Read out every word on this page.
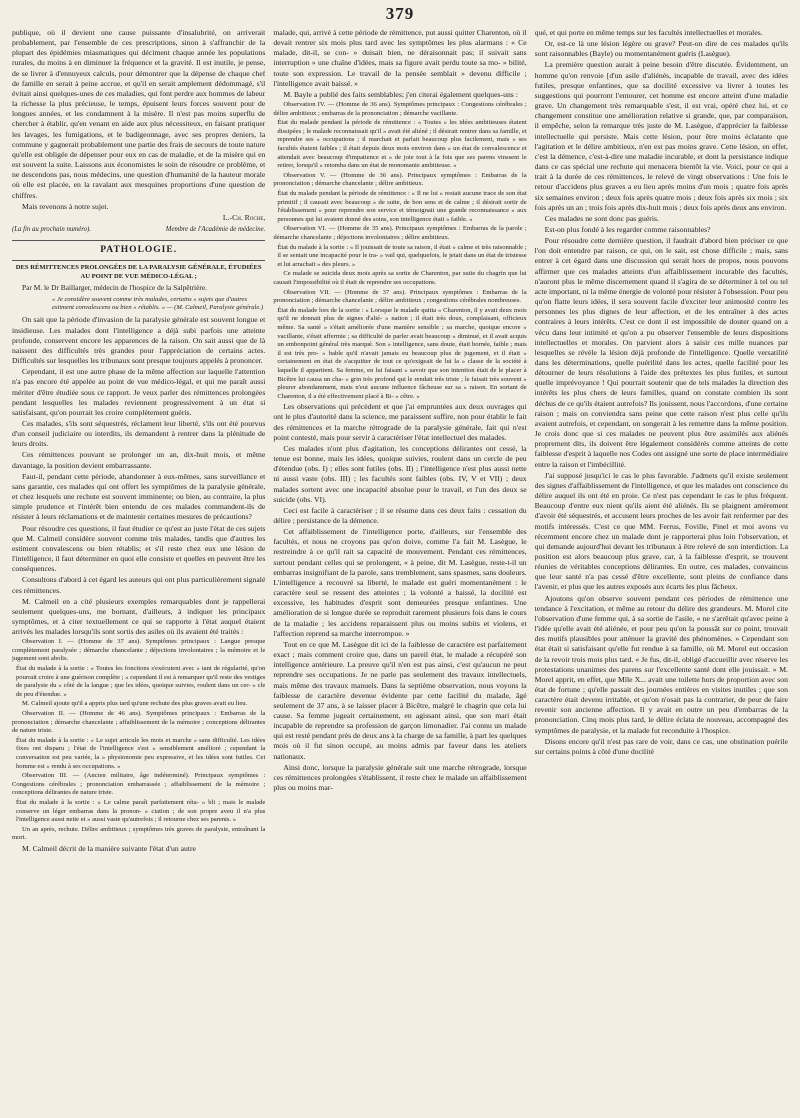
379

publique, où il devient une cause puissante d'insalubrité, on arriverait probablement, par l'ensemble de ces prescriptions, sinon à s'affranchir de la plupart des épidémies miasmatiques qui déciment chaque année les populations rurales, du moins à en diminuer la fréquence et la gravité. Il est inutile, je pense, de se livrer à d'ennuyeux calculs, pour démontrer que la dépense de chaque chef de famille en serait à peine accrue, et qu'il en serait amplement dédommagé, s'il évitait ainsi quelques-unes de ces maladies, qui font perdre aux hommes de labeur la richesse la plus précieuse, le temps, épuisent leurs forces souvent pour de longues années, et les condamnent à la misère. Il n'est pas moins superflu de chercher à établir, qu'en venant en aide aux plus nécessiteux, en faisant pratiquer les lavages, les fumigations, et le badigeonnage, avec ses propres deniers, la commune y gagnerait probablement une partie des frais de secours de toute nature qu'elle est obligée de dépenser pour eux en cas de maladie, et de la misère qui en est souvent la suite. Laissons aux économistes le soin de résoudre ce problème, et ne descendons pas, nous médecins, une question d'humanité de la hauteur morale où elle est placée, en la ravalant aux mesquines proportions d'une question de chiffres.

Mais revenons à notre sujet.

L.-Ch. Roche,

(La fin au prochain numéro).	Membre de l'Académie de médecine.
PATHOLOGIE.
DES RÉMITTENCES PROLONGÉES DE LA PARALYSIE GÉNÉRALE, ÉTUDIÉES AU POINT DE VUE MÉDICO-LÉGAL ;

Par M. le Dr Baillarger, médecin de l'hospice de la Salpêtrière.

« Je considère souvent comme très malades, certains » sujets que d'autres estiment convalescens ou bien » rétablis. » — (M. Calmeil, Paralysie générale.)

On sait que la période d'invasion de la paralysie générale est souvent longue et insidieuse. Les malades dont l'intelligence a déjà subi parfois une atteinte profonde, conservent encore les apparences de la raison. On sait aussi que de là naissent des difficultés très grandes pour l'appréciation de certains actes. Difficultés sur lesquelles les tribunaux sont presque toujours appelés à prononcer.

Cependant, il est une autre phase de la même affection sur laquelle l'attention n'a pas encore été appelée au point de vue médico-légal, et qui me paraît aussi mériter d'être étudiée sous ce rapport. Je veux parler des rémittences prolongées pendant lesquelles les malades reviennent progressivement à un état si satisfaisant, qu'on pourrait les croire complètement guéris.

Ces malades, s'ils sont séquestrés, réclament leur liberté, s'ils ont été pourvus d'un conseil judiciaire ou interdits, ils demandent à rentrer dans la plénitude de leurs droits.

Ces rémittences pouvant se prolonger un an, dix-huit mois, et même davantage, la position devient embarrassante.

Faut-il, pendant cette période, abandonner à eux-mêmes, sans surveillance et sans garantie, ces malades qui ont offert les symptômes de la paralysie générale, et chez lesquels une rechute est souvent imminente; ou bien, au contraire, la plus simple prudence et l'intérêt bien entendu de ces malades commandent-ils de résister à leurs réclamations et de maintenir certaines mesures de précautions?

Pour résoudre ces questions, il faut étudier ce qu'est au juste l'état de ces sujets que M. Calmeil considère souvent comme très malades, tandis que d'autres les estiment convalescens ou bien rétablis; et s'il reste chez eux une lésion de l'intelligence, il faut déterminer en quoi elle consiste et quelles en peuvent être les conséquences.

Consultons d'abord à cet égard les auteurs qui ont plus particulièrement signalé ces rémittences.

M. Calmeil en a cité plusieurs exemples remarquables dont je rappellerai seulement quelques-uns, me bornant, d'ailleurs, à indiquer les principaux symptômes, et à citer textuellement ce qui se rapporte à l'état auquel étaient arrivés les malades lorsqu'ils sont sortis des asiles où ils avaient été traités :

Observation I. — (Homme de 37 ans). Symptômes principaux : Langue presque complètement paralysée ; démarche chancelante ; déjections involontaires ; la mémoire et le jugement sont abolis.

État du malade à la sortie : « Toutes les fonctions s'exécutent avec » tant de régularité, qu'on pourrait croire à une guérison complète ; » cependant il est à remarquer qu'il reste des vestiges de paralysie du » côté de la langue ; que les idées, quoique suivies, roulent dans un cer- » cle de peu d'étendue. »

M. Calmeil ajoute qu'il a appris plus tard qu'une rechute des plus graves avait eu lieu.

Observation II. — (Homme de 46 ans). Symptômes principaux : Embarras de la prononciation ; démarche chancelante ; affaiblissement de la mémoire ; conceptions délirantes de nature triste.

État du malade à la sortie : « Le sujet articule les mots et marche » sans difficulté. Les idées fixes ont disparu ; l'état de l'intelligence s'est » sensiblement amélioré ; cependant la conversation est peu variée, la » physionomie peu expressive, et les idées sont futiles. Cet homme est » rendu à ses occupations. »

Observation III. — (Ancien militaire, âge indéterminé). Principaux symptômes : Congestions cérébrales ; prononciation embarrassée ; affaiblissement de la mémoire ; conceptions délirantes de nature triste.

État du malade à la sortie : « Le calme paraît parfaitement réta- » bli ; mais le malade conserve un léger embarras dans la pronon- » ciation ; de son propre aveu il n'a plus l'intelligence aussi nette et » aussi vaste qu'autrefois ; il retourne chez ses parents. »

Un an après, rechute. Délire ambitieux ; symptômes très graves de paralysie, entraînant la mort.

M. Calmeil décrit de la manière suivante l'état d'un autre

malade, qui, arrivé à cette période de rémittence, put aussi quitter Charenton, où il devait rentrer six mois plus tard avec les symptômes les plus alarmans : « Ce malade, dit-il, se con- » duisait bien, ne déraisonnait pas; il suivait sans interruption » une chaîne d'idées, mais sa figure avait perdu toute sa mo- » bilité, toute son expression. Le travail de la pensée semblait » devenu difficile ; l'intelligence avait baissé. »

M. Bayle a publié des faits semblables; j'en citerai également quelques-uns :

Observation IV. — (Homme de 36 ans). Symptômes principaux : Congestions cérébrales ; délire ambitieux ; embarras de la prononciation ; démarche vacillante.

État du malade pendant la période de rémittence : « Toutes » les idées ambitieuses étaient dissipées ; le malade reconnaissait qu'il » avait été aliéné ; il désirait rentrer dans sa famille, et reprendre ses » occupations ; il marchait et parlait beaucoup plus facilement, mais » ses facultés étaient faibles ; il était depuis deux mois environ dans » un état de convalescence et attendait avec beaucoup d'impatience et » de joie tout à la fois que ses parens vinssent le retirer, lorsqu'il » retomba dans un état de monomanie ambitieuse. »

Observation V. — (Homme de 36 ans). Principaux symptômes : Embarras de la prononciation ; démarche chancelante ; délire ambitieux.

État du malade pendant la période de rémittence : « Il ne lui » restait aucune trace de son état primitif ; il causait avec beaucoup » de suite, de bon sens et de calme ; il désirait sortir de l'établissement » pour reprendre son service et témoignait une grande reconnaissance » aux personnes qui lui avaient donné des soins, son intelligence était » faible. »

Observation VI. — (Homme de 35 ans). Principaux symptômes : Embarras de la parole ; démarche chancelante ; déjections involontaires ; délire ambitieux.

État du malade à la sortie : « Il jouissait de toute sa raison, il était » calme et très raisonnable ; il se sentait une incapacité pour le tra- » vail qui, quelquefois, le jetait dans un état de tristesse et lui arrachait » des pleurs. »

Ce malade se suicida deux mois après sa sortie de Charenton, par suite du chagrin que lui causait l'impossibilité où il était de reprendre ses occupations.

Observation VII. — (Homme de 37 ans). Principaux symptômes : Embarras de la prononciation ; démarche chancelante ; délire ambitieux ; congestions cérébrales nombreuses.

État du malade lors de la sortie : « Lorsque le malade quitta » Charenton, il y avait deux mois qu'il ne donnait plus de signes d'alié- » nation ; il était très doux, complaisant, officieux même. Sa santé » s'était améliorée d'une manière sensible ; sa marche, quoique encore » vacillante, s'était affermie ; sa difficulté de parler avait beaucoup » diminué, et il avait acquis un embonpoint général très marqué. Son » intelligence, sans doute, était bornée, faible ; mais il est très pro- » bable qu'il n'avait jamais eu beaucoup plus de jugement, et il était » certainement en état de s'acquitter de tout ce qu'exigeait de lui la » classe de la société à laquelle il appartient. Sa femme, en lui faisant » savoir que son intention était de le placer à Bicêtre lui causa un cha- » grin très profond qui le rendait très triste ; le faisait très souvent » pleurer abondamment, mais n'eut aucune influence fâcheuse sur sa » raison. En sortant de Charenton, il a été effectivement placé à Bi- » cêtre. »

Les observations qui précèdent et que j'ai empruntées aux deux ouvrages qui ont le plus d'autorité dans la science, me paraissent suffire, non pour établir le fait des rémittences et la marche rétrograde de la paralysie générale, fait qui n'est point contesté, mais pour servir à caractériser l'état intellectuel des malades.

Ces malades n'ont plus d'agitation, les conceptions délirantes ont cessé, la tenue est bonne, mais les idées, quoique suivies, roulent dans un cercle de peu d'étendue (obs. I) ; elles sont futiles (obs. II) ; l'intelligence n'est plus aussi nette ni aussi vaste (obs. III) ; les facultés sont faibles (obs. IV, V et VII) ; deux malades sortent avec une incapacité absolue pour le travail, et l'un des deux se suicide (obs. VI).

Ceci est facile à caractériser ; il se résume dans ces deux faits : cessation du délire ; persistance de la démence.

Cet affaiblissement de l'intelligence porte, d'ailleurs, sur l'ensemble des facultés, et nous ne croyons pas qu'on doive, comme l'a fait M. Lasègue, le restreindre à ce qu'il rait sa capacité de mouvement. Pendant ces rémittences, surtout pendant celles qui se prolongent, « à peine, dit M. Lasègue, reste-t-il un embarras insignifiant de la parole, sans tremblement, sans spasmes, sans douleurs. L'intelligence a recouvré sa liberté, le malade est guéri momentanément : le caractère seul se ressent des atteintes ; la volonté a baissé, la docilité est excessive, les habitudes d'esprit sont demeurées presque enfantines. Une amélioration de si longue durée se reproduit rarement plusieurs fois dans le cours de la maladie ; les accidens reparaissent plus ou moins subits et violens, et l'affection reprend sa marche interrompue. »

Tout en ce que M. Lasègue dit ici de la faiblesse de caractère est parfaitement exact ; mais comment croire que, dans un pareil état, le malade a récupéré son intelligence antérieure. La preuve qu'il n'en est pas ainsi, c'est qu'aucun ne peut reprendre ses occupations. Je ne parle pas seulement des travaux intellectuels, mais même des travaux manuels. Dans la septième observation, nous voyons la faiblesse de caractère devenue évidente par cette facilité du malade, âgé seulement de 37 ans, à se laisser placer à Bicêtre, malgré le chagrin que cela lui cause. Sa femme jugeait certainement, en agissant ainsi, que son mari était incapable de reprendre sa profession de garçon limonadier. J'ai connu un malade qui est resté pendant près de deux ans à la charge de sa famille, à part les quelques mois où il fut sinon occupé, au moins admis par faveur dans les ateliers nationaux.

Ainsi donc, lorsque la paralysie générale suit une marche rétrograde, lorsque ces rémittences prolongées s'établissent, il reste chez le malade un affaiblissement plus ou moins mar-

qué, et qui porte en même temps sur les facultés intellectuelles et morales.

Or, est-ce là une lésion légère ou grave? Peut-on dire de ces malades qu'ils sont raisonnables (Bayle) ou momentanément guéris (Lasègue).

La première question aurait à peine besoin d'être discutée. Évidemment, un homme qu'on renvoie [d'un asile d'aliénés, incapable de travail, avec des idées futiles, presque enfantines, que sa docilité excessive va livrer à toutes les suggestions qui pourront l'entourer, cet homme est encore atteint d'une maladie grave. Un changement très remarquable s'est, il est vrai, opéré chez lui, et ce changement constitue une amélioration relative si grande, que, par comparaison, il empêche, selon la remarque très juste de M. Lasègue, d'apprécier la faiblesse intellectuelle qui persiste. Mais cette lésion, pour être moins éclatante que l'agitation et le délire ambitieux, n'en est pas moins grave. Cette lésion, en effet, c'est la démence, c'est-à-dire une maladie incurable, et dont la persistance indique dans ce cas spécial une rechute qui menacera bientôt la vie. Voici, pour ce qui a trait à la durée de ces rémittences, le relevé de vingt observations : Une fois le retour d'accidens plus graves a eu lieu après moins d'un mois ; quatre fois après six semaines environ ; deux fois après quatre mois ; deux fois après six mois ; six fois après un an ; trois fois après dix-huit mois ; deux fois après deux ans environ.

Ces malades ne sont donc pas guéris.

Est-on plus fondé à les regarder comme raisonnables?

Pour résoudre cette dernière question, il faudrait d'abord bien préciser ce que l'on doit entendre par raison, ce qui, on le sait, est chose difficile ; mais, sans entrer à cet égard dans une discussion qui serait hors de propos, nous pouvons affirmer que ces malades atteints d'un affaiblissement incurable des facultés, n'auront plus le même discernement quand il s'agira de se déterminer à tel ou tel acte important, ni la même énergie de volonté pour résister à l'obsession. Pour peu qu'on flatte leurs idées, il sera souvent facile d'exciter leur animosité contre les personnes les plus dignes de leur affection, et de les entraîner à des actes contraires à leurs intérêts. C'est ce dont il est impossible de douter quand on a vécu dans leur intimité et qu'on a pu observer l'ensemble de leurs dispositions intellectuelles et morales. On parvient alors à saisir ces mille nuances par lesquelles se révèle la lésion déjà profonde de l'intelligence. Quelle versatilité dans les déterminations, quelle puérilité dans les actes, quelle facilité pour les détourner de leurs résolutions à l'aide des prétextes les plus futiles, et surtout quelle imprévoyance ! Qui pourrait soutenir que de tels malades la direction des intérêts les plus chers de leurs familles, quand on constate combien ils sont déchus de ce qu'ils étaient autrefois? Ils jouissent, nous l'accordons, d'une certaine raison ; mais on conviendra sans peine que cette raison n'est plus celle qu'ils avaient autrefois, et cependant, on songerait à les remettre dans la même position. Je crois donc que si ces malades ne peuvent plus être assimilés aux aliénés proprement dits, ils doivent être légalement considérés comme atteints de cette faiblesse d'esprit à laquelle nos Codes ont assigné une sorte de place intermédiaire entre la raison et l'imbécillité.

J'ai supposé jusqu'ici le cas le plus favorable. J'admets qu'il existe seulement des signes d'affaiblissement de l'intelligence, et que les malades ont conscience du délire auquel ils ont été en proie. Ce n'est pas cependant le cas le plus fréquent. Beaucoup d'entre eux nient qu'ils aient été aliénés. Ils se plaignent amèrement d'avoir été séquestrés, et accusent leurs proches de les avoir fait renfermer par des motifs intéressés. C'est ce que MM. Ferrus, Foville, Pinel et moi avons vu récemment encore chez un malade dont je rapporterai plus loin l'observation, et qui demande aujourd'hui devant les tribunaux à être relevé de son interdiction. La position est alors beaucoup plus grave, car, à la faiblesse d'esprit, se trouvent réunies de véritables conceptions délirantes. En outre, ces malades, convaincus que leur santé n'a pas cessé d'être excellente, sont pleins de confiance dans l'avenir, et plus que les autres exposés aux écarts les plus fâcheux.

Ajoutons qu'on observe souvent pendant ces périodes de rémittence une tendance à l'excitation, et même au retour du délire des grandeurs. M. Morel cite l'observation d'une femme qui, à sa sortie de l'asile, « ne s'arrêtait qu'avec peine à l'idée qu'elle avait été aliénée, et pour peu qu'on la poussât sur ce point, trouvait des motifs plausibles pour atténuer la gravité des phénomènes. » Cependant son état était si satisfaisant qu'elle fut rendue à sa famille, où M. Morel eut occasion de la revoir trois mois plus tard. « Je fus, dit-il, obligé d'accueillir avec réserve les protestations unanimes des parens sur l'excellente santé dont elle jouissait. » M. Morel apprit, en effet, que Mlle X... avait une toilette hors de proportion avec son état de fortune ; qu'elle passait des journées entières en visites inutiles ; que son caractère était devenu irritable, et qu'on n'osait pas la contrarier, de peur de faire revenir son ancienne affection. Il y avait en outre un peu d'embarras de la prononciation. Cinq mois plus tard, le délire éclata de nouveau, accompagné des symptômes de paralysie, et la malade fut reconduite à l'hospice.

Disons encore qu'il n'est pas rare de voir, dans ce cas, une obstination puérile sur certains points à côté d'une docilité
